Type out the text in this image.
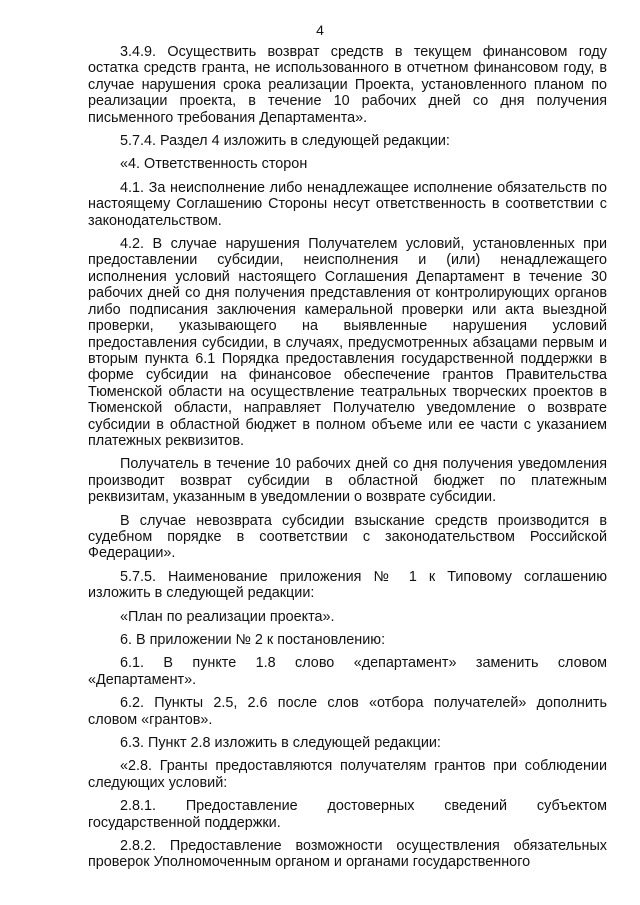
4

3.4.9. Осуществить возврат средств в текущем финансовом году остатка средств гранта, не использованного в отчетном финансовом году, в случае нарушения срока реализации Проекта, установленного планом по реализации проекта, в течение 10 рабочих дней со дня получения письменного требования Департамента».

5.7.4. Раздел 4 изложить в следующей редакции:

«4. Ответственность сторон

4.1. За неисполнение либо ненадлежащее исполнение обязательств по настоящему Соглашению Стороны несут ответственность в соответствии с законодательством.

4.2. В случае нарушения Получателем условий, установленных при предоставлении субсидии, неисполнения и (или) ненадлежащего исполнения условий настоящего Соглашения Департамент в течение 30 рабочих дней со дня получения представления от контролирующих органов либо подписания заключения камеральной проверки или акта выездной проверки, указывающего на выявленные нарушения условий предоставления субсидии, в случаях, предусмотренных абзацами первым и вторым пункта 6.1 Порядка предоставления государственной поддержки в форме субсидии на финансовое обеспечение грантов Правительства Тюменской области на осуществление театральных творческих проектов в Тюменской области, направляет Получателю уведомление о возврате субсидии в областной бюджет в полном объеме или ее части с указанием платежных реквизитов.

Получатель в течение 10 рабочих дней со дня получения уведомления производит возврат субсидии в областной бюджет по платежным реквизитам, указанным в уведомлении о возврате субсидии.

В случае невозврата субсидии взыскание средств производится в судебном порядке в соответствии с законодательством Российской Федерации».

5.7.5. Наименование приложения № 1 к Типовому соглашению изложить в следующей редакции:

«План по реализации проекта».

6. В приложении № 2 к постановлению:

6.1. В пункте 1.8 слово «департамент» заменить словом «Департамент».

6.2. Пункты 2.5, 2.6 после слов «отбора получателей» дополнить словом «грантов».

6.3. Пункт 2.8 изложить в следующей редакции:

«2.8. Гранты предоставляются получателям грантов при соблюдении следующих условий:

2.8.1. Предоставление достоверных сведений субъектом государственной поддержки.

2.8.2. Предоставление возможности осуществления обязательных проверок Уполномоченным органом и органами государственного
